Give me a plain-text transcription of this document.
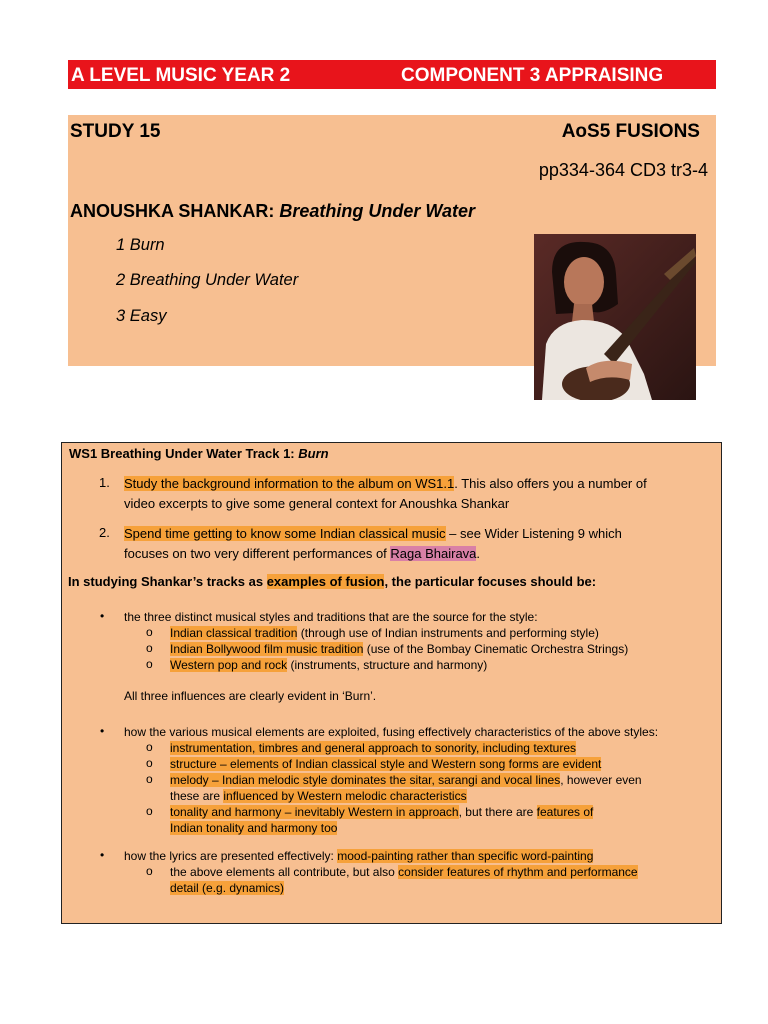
A LEVEL MUSIC YEAR 2	COMPONENT 3 APPRAISING
STUDY 15	AoS5 FUSIONS
pp334-364 CD3 tr3-4
ANOUSHKA SHANKAR: Breathing Under Water
1 Burn
2 Breathing Under Water
3 Easy
WS1 Breathing Under Water Track 1: Burn
1. Study the background information to the album on WS1.1. This also offers you a number of
video excerpts to give some general context for Anoushka Shankar
2. Spend time getting to know some Indian classical music – see Wider Listening 9 which
focuses on two very different performances of Raga Bhairava.
In studying Shankar’s tracks as examples of fusion, the particular focuses should be:
• the three distinct musical styles and traditions that are the source for the style:
o Indian classical tradition (through use of Indian instruments and performing style)
o Indian Bollywood film music tradition (use of the Bombay Cinematic Orchestra Strings)
o Western pop and rock (instruments, structure and harmony)
All three influences are clearly evident in ‘Burn’.
• how the various musical elements are exploited, fusing effectively characteristics of the above styles:
o instrumentation, timbres and general approach to sonority, including textures
o structure – elements of Indian classical style and Western song forms are evident
o melody – Indian melodic style dominates the sitar, sarangi and vocal lines, however even
these are influenced by Western melodic characteristics
o tonality and harmony – inevitably Western in approach, but there are features of
Indian tonality and harmony too
• how the lyrics are presented effectively: mood-painting rather than specific word-painting
o the above elements all contribute, but also consider features of rhythm and performance
detail (e.g. dynamics)
